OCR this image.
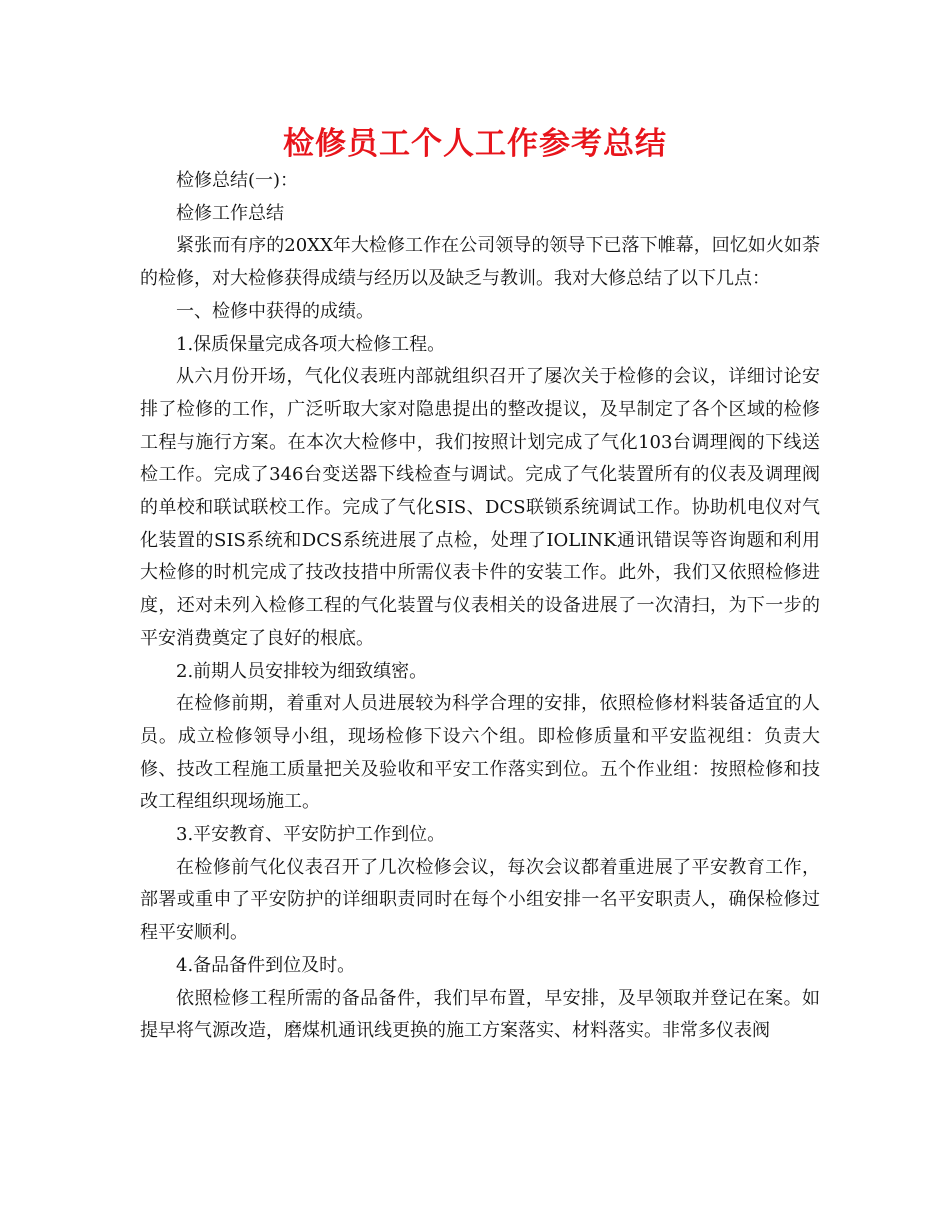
检修员工个人工作参考总结

检修总结(一)：

检修工作总结

紧张而有序的20XX年大检修工作在公司领导的领导下已落下帷幕，回忆如火如荼的检修，对大检修获得成绩与经历以及缺乏与教训。我对大修总结了以下几点：

一、检修中获得的成绩。

1.保质保量完成各项大检修工程。

从六月份开场，气化仪表班内部就组织召开了屡次关于检修的会议，详细讨论安排了检修的工作，广泛听取大家对隐患提出的整改提议，及早制定了各个区域的检修工程与施行方案。在本次大检修中，我们按照计划完成了气化103台调理阀的下线送检工作。完成了346台变送器下线检查与调试。完成了气化装置所有的仪表及调理阀的单校和联试联校工作。完成了气化SIS、DCS联锁系统调试工作。协助机电仪对气化装置的SIS系统和DCS系统进展了点检，处理了IOLINK通讯错误等咨询题和利用大检修的时机完成了技改技措中所需仪表卡件的安装工作。此外，我们又依照检修进度，还对未列入检修工程的气化装置与仪表相关的设备进展了一次清扫，为下一步的平安消费奠定了良好的根底。

2.前期人员安排较为细致缜密。

在检修前期，着重对人员进展较为科学合理的安排，依照检修材料装备适宜的人员。成立检修领导小组，现场检修下设六个组。即检修质量和平安监视组：负责大修、技改工程施工质量把关及验收和平安工作落实到位。五个作业组：按照检修和技改工程组织现场施工。

3.平安教育、平安防护工作到位。

在检修前气化仪表召开了几次检修会议，每次会议都着重进展了平安教育工作，部署或重申了平安防护的详细职责同时在每个小组安排一名平安职责人，确保检修过程平安顺利。

4.备品备件到位及时。

依照检修工程所需的备品备件，我们早布置，早安排，及早领取并登记在案。如提早将气源改造，磨煤机通讯线更换的施工方案落实、材料落实。非常多仪表阀
